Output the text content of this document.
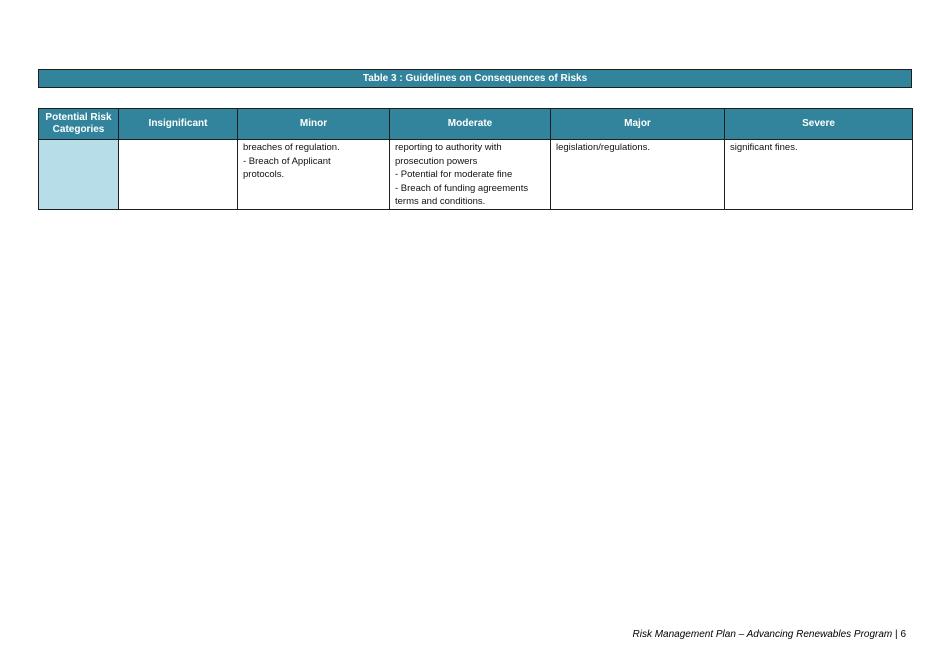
Table 3 : Guidelines on Consequences of Risks
Potential Risk Categories	Insignificant	Minor	Moderate	Major	Severe

		breaches of regulation.
- Breach of Applicant
protocols.	reporting to authority with
prosecution powers
- Potential for moderate fine
- Breach of funding agreements
terms and conditions.	legislation/regulations.	significant fines.
Risk Management Plan – Advancing Renewables Program | 6
